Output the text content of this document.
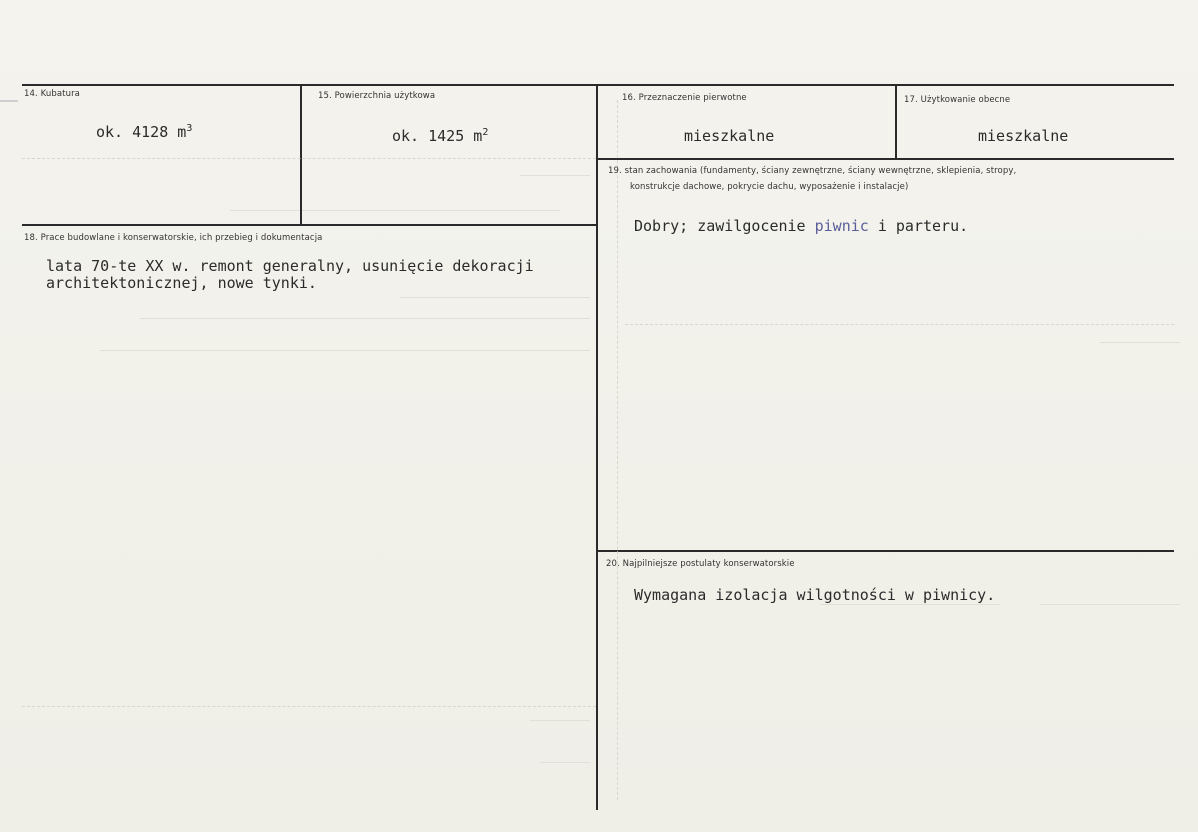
14. Kubatura
ok. 4128 $m^3$
15. Powierzchnia użytkowa
ok. 1425 $m^2$
16. Przeznaczenie pierwotne
mieszkalne
17. Użytkowanie obecne
mieszkalne
18. Prace budowlane i konserwatorskie, ich przebieg i dokumentacja
lata 70-te XX w. remont generalny, usunięcie dekoracji
architektonicznej, nowe tynki.
19. stan zachowania (fundamenty, ściany zewnętrzne, ściany wewnętrzne, sklepienia, stropy,
konstrukcje dachowe, pokrycie dachu, wyposażenie i instalacje)
Dobry; zawilgocenie piwnic i parteru.
20. Najpilniejsze postulaty konserwatorskie
Wymagana izolacja wilgotności w piwnicy.
